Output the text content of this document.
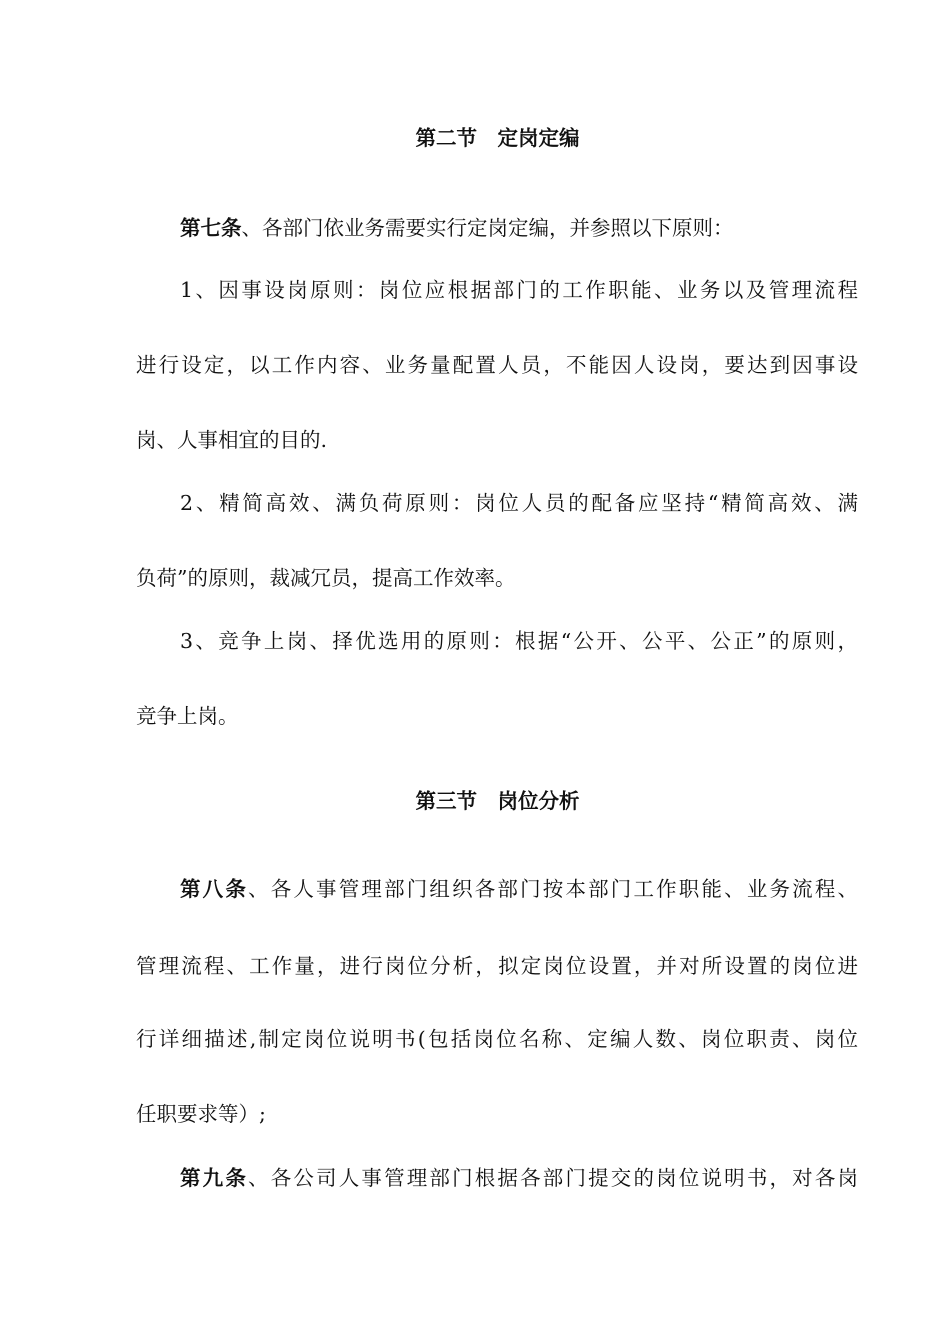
第二节　定岗定编

第七条、各部门依业务需要实行定岗定编，并参照以下原则：

1、因事设岗原则：岗位应根据部门的工作职能、业务以及管理流程

进行设定，以工作内容、业务量配置人员，不能因人设岗，要达到因事设

岗、人事相宜的目的.

2、精简高效、满负荷原则：岗位人员的配备应坚持“精简高效、满

负荷”的原则，裁减冗员，提高工作效率。

3、竞争上岗、择优选用的原则：根据“公开、公平、公正”的原则，

竞争上岗。

第三节　岗位分析

第八条、各人事管理部门组织各部门按本部门工作职能、业务流程、

管理流程、工作量，进行岗位分析，拟定岗位设置，并对所设置的岗位进

行详细描述,制定岗位说明书(包括岗位名称、定编人数、岗位职责、岗位

任职要求等）;

第九条、各公司人事管理部门根据各部门提交的岗位说明书，对各岗
